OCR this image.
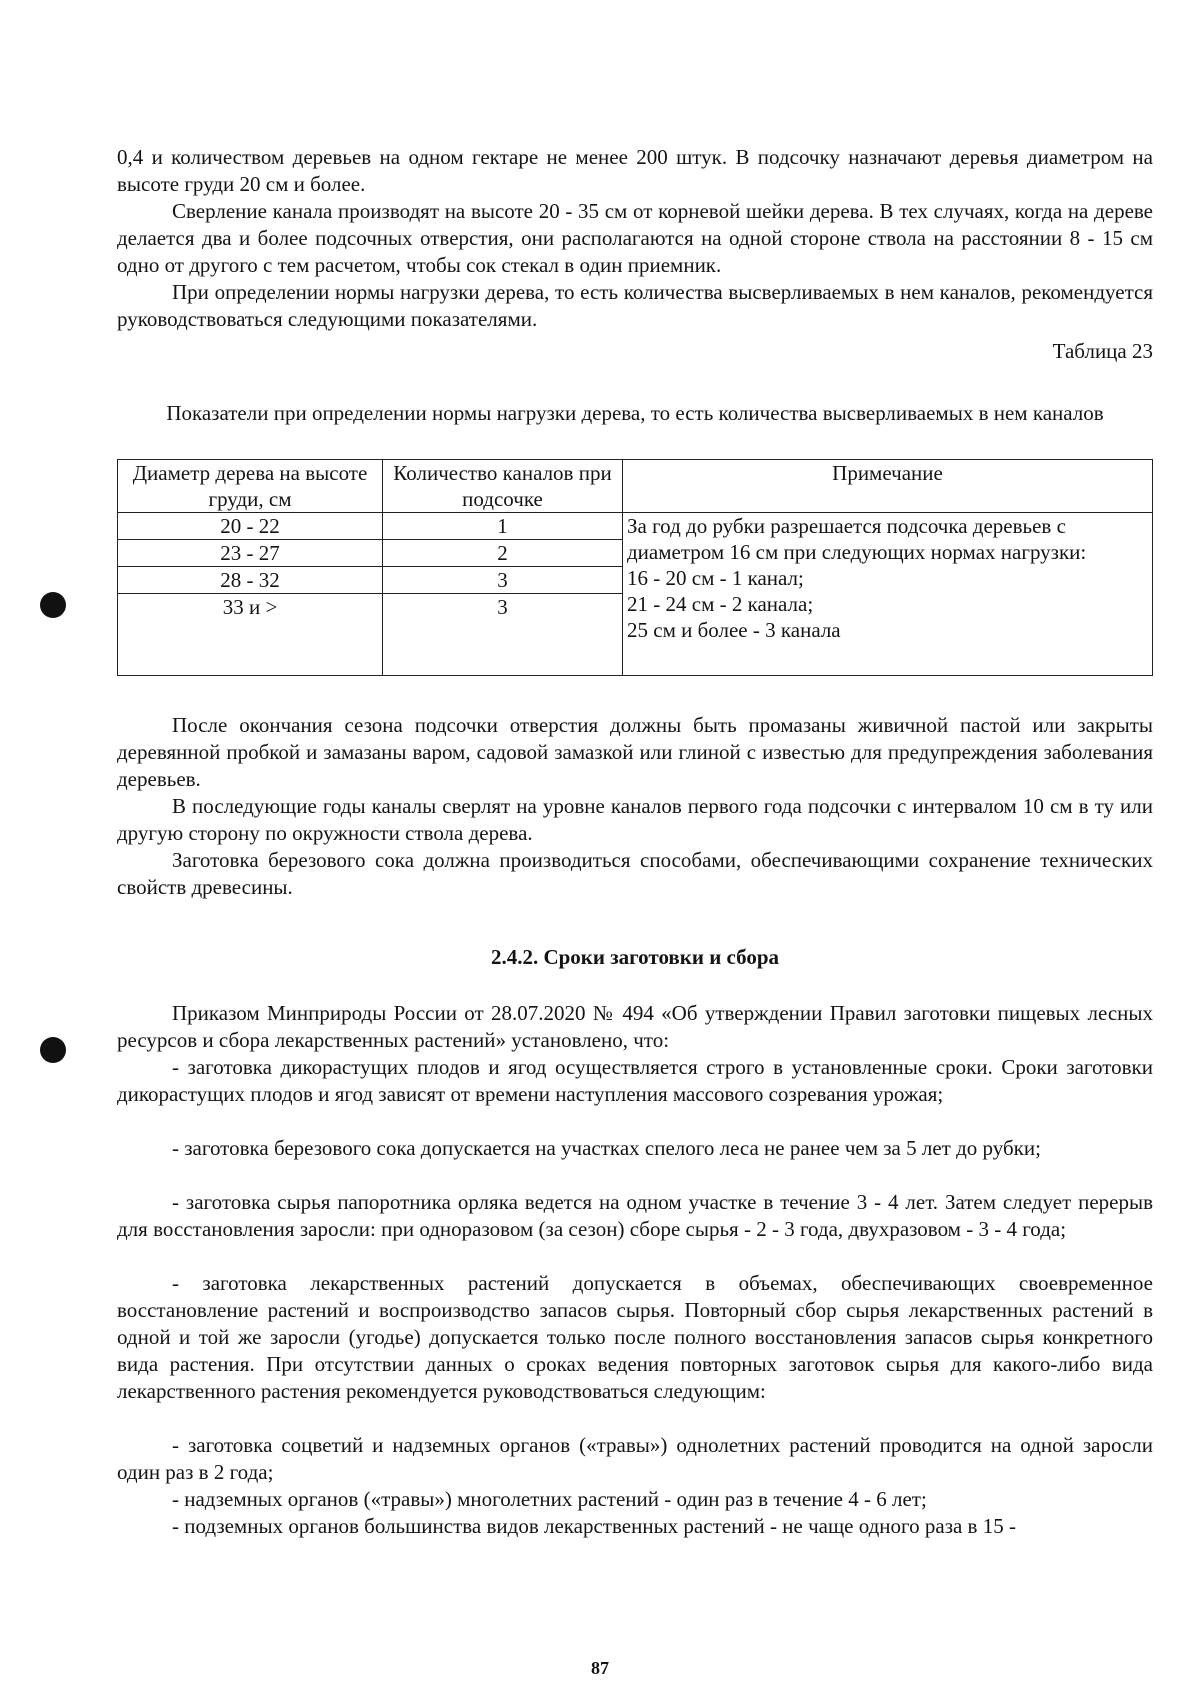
0,4 и количеством деревьев на одном гектаре не менее 200 штук. В подсочку назначают деревья диаметром на высоте груди 20 см и более.

Сверление канала производят на высоте 20 - 35 см от корневой шейки дерева. В тех случаях, когда на дереве делается два и более подсочных отверстия, они располагаются на одной стороне ствола на расстоянии 8 - 15 см одно от другого с тем расчетом, чтобы сок стекал в один приемник.

При определении нормы нагрузки дерева, то есть количества высверливаемых в нем каналов, рекомендуется руководствоваться следующими показателями.

Таблица 23

Показатели при определении нормы нагрузки дерева, то есть количества высверливаемых в нем каналов

Диаметр дерева на высоте груди, см	Количество каналов при подсочке	Примечание
20 - 22	1	За год до рубки разрешается подсочка деревьев с диаметром 16 см при следующих нормах нагрузки:
16 - 20 см - 1 канал;
21 - 24 см - 2 канала;
25 см и более - 3 канала

23 - 27	2	
28 - 32	3	
33 и >	3	

После окончания сезона подсочки отверстия должны быть промазаны живичной пастой или закрыты деревянной пробкой и замазаны варом, садовой замазкой или глиной с известью для предупреждения заболевания деревьев.

В последующие годы каналы сверлят на уровне каналов первого года подсочки с интервалом 10 см в ту или другую сторону по окружности ствола дерева.

Заготовка березового сока должна производиться способами, обеспечивающими сохранение технических свойств древесины.

2.4.2. Сроки заготовки и сбора

Приказом Минприроды России от 28.07.2020 № 494 «Об утверждении Правил заготовки пищевых лесных ресурсов и сбора лекарственных растений» установлено, что:

- заготовка дикорастущих плодов и ягод осуществляется строго в установленные сроки. Сроки заготовки дикорастущих плодов и ягод зависят от времени наступления массового созревания урожая;

- заготовка березового сока допускается на участках спелого леса не ранее чем за 5 лет до рубки;

- заготовка сырья папоротника орляка ведется на одном участке в течение 3 - 4 лет. Затем следует перерыв для восстановления заросли: при одноразовом (за сезон) сборе сырья - 2 - 3 года, двухразовом - 3 - 4 года;

- заготовка лекарственных растений допускается в объемах, обеспечивающих своевременное восстановление растений и воспроизводство запасов сырья. Повторный сбор сырья лекарственных растений в одной и той же заросли (угодье) допускается только после полного восстановления запасов сырья конкретного вида растения. При отсутствии данных о сроках ведения повторных заготовок сырья для какого-либо вида лекарственного растения рекомендуется руководствоваться следующим:

- заготовка соцветий и надземных органов («травы») однолетних растений проводится на одной заросли один раз в 2 года;

- надземных органов («травы») многолетних растений - один раз в течение 4 - 6 лет;

- подземных органов большинства видов лекарственных растений - не чаще одного раза в 15 -

87
